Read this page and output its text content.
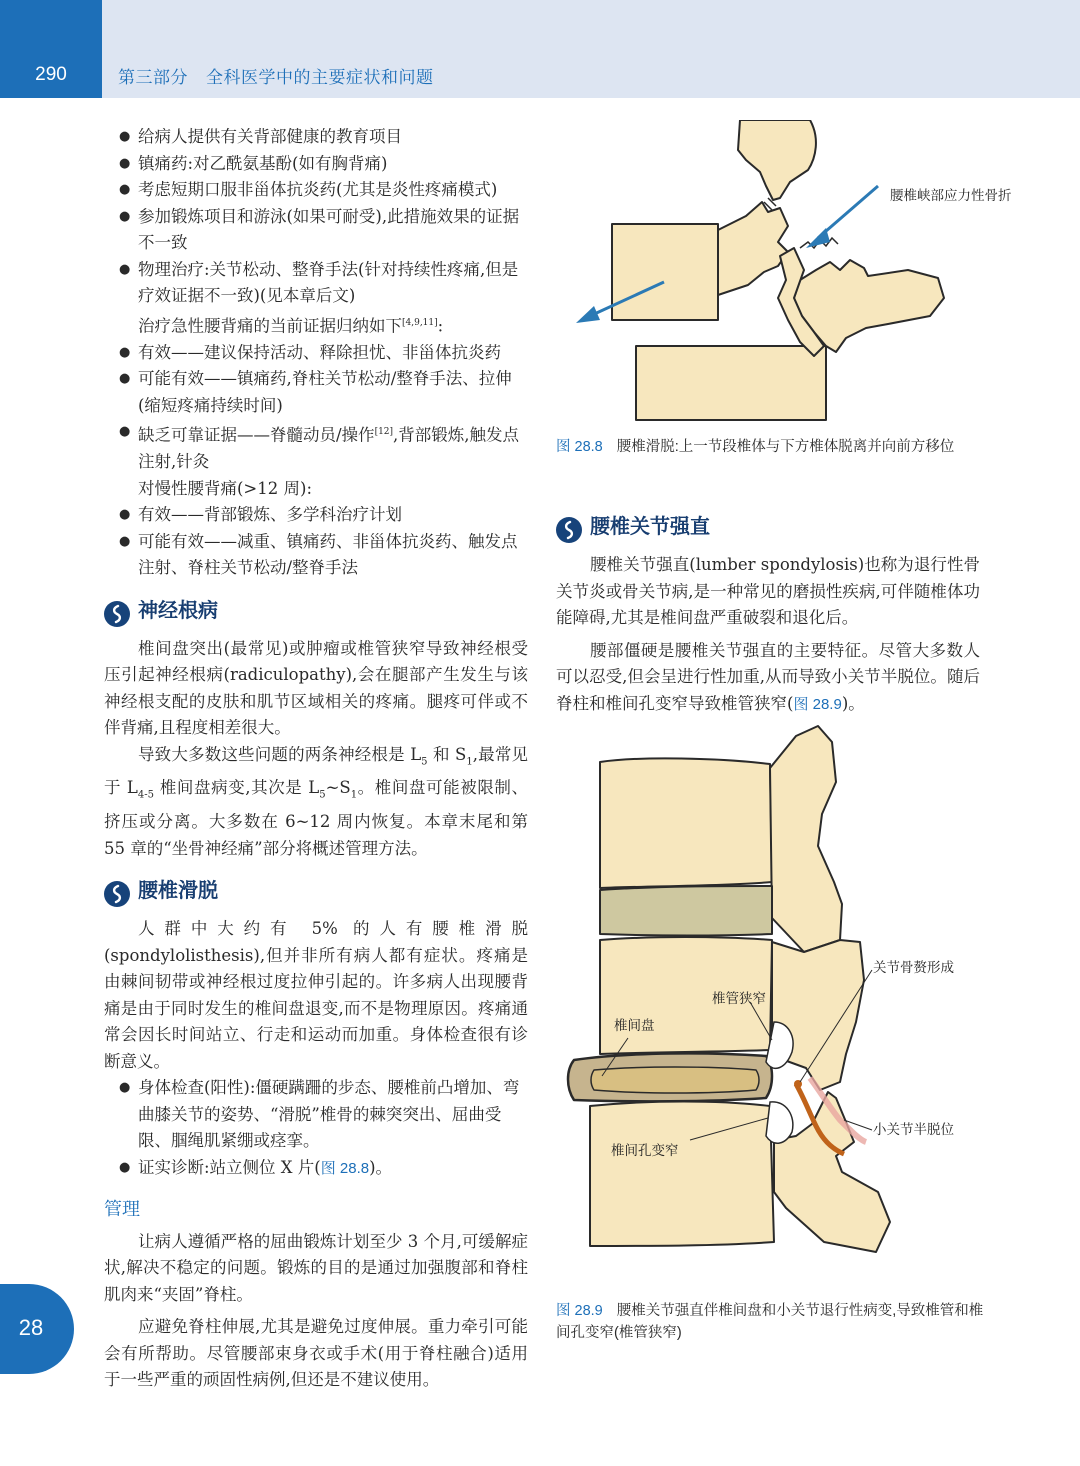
290	第三部分 全科医学中的主要症状和问题

● 给病人提供有关背部健康的教育项目

● 镇痛药:对乙酰氨基酚(如有胸背痛)

● 考虑短期口服非甾体抗炎药(尤其是炎性疼痛模式)

● 参加锻炼项目和游泳(如果可耐受),此措施效果的证据不一致

● 物理治疗:关节松动、整脊手法(针对持续性疼痛,但是疗效证据不一致)(见本章后文)

治疗急性腰背痛的当前证据归纳如下[4,9,11]:

● 有效——建议保持活动、释除担忧、非甾体抗炎药

● 可能有效——镇痛药,脊柱关节松动/整脊手法、拉伸(缩短疼痛持续时间)

● 缺乏可靠证据——脊髓动员/操作[12],背部锻炼,触发点注射,针灸

对慢性腰背痛(>12 周):

● 有效——背部锻炼、多学科治疗计划

● 可能有效——减重、镇痛药、非甾体抗炎药、触发点注射、脊柱关节松动/整脊手法

神经根病

椎间盘突出(最常见)或肿瘤或椎管狭窄导致神经根受压引起神经根病(radiculopathy),会在腿部产生发生与该神经根支配的皮肤和肌节区域相关的疼痛。腿疼可伴或不伴背痛,且程度相差很大。

导致大多数这些问题的两条神经根是 $L_5$ 和 $S_1$,最常见于 $L_{4-5}$ 椎间盘病变,其次是 $L_5\sim S_1$。椎间盘可能被限制、挤压或分离。大多数在 6~12 周内恢复。本章末尾和第 55 章的“坐骨神经痛”部分将概述管理方法。

腰椎滑脱

人群中大约有 5% 的人有腰椎滑脱(spondylolisthesis),但并非所有病人都有症状。疼痛是由棘间韧带或神经根过度拉伸引起的。许多病人出现腰背痛是由于同时发生的椎间盘退变,而不是物理原因。疼痛通常会因长时间站立、行走和运动而加重。身体检查很有诊断意义。

● 身体检查(阳性):僵硬蹒跚的步态、腰椎前凸增加、弯曲膝关节的姿势、“滑脱”椎骨的棘突突出、屈曲受限、腘绳肌紧绷或痉挛。

● 证实诊断:站立侧位 X 片(图 28.8)。

管理

让病人遵循严格的屈曲锻炼计划至少 3 个月,可缓解症状,解决不稳定的问题。锻炼的目的是通过加强腹部和脊柱肌肉来“夹固”脊柱。

应避免脊柱伸展,尤其是避免过度伸展。重力牵引可能会有所帮助。尽管腰部束身衣或手术(用于脊柱融合)适用于一些严重的顽固性病例,但还是不建议使用。

腰椎峡部应力性骨折
图 28.8 腰椎滑脱:上一节段椎体与下方椎体脱离并向前方移位
腰椎关节强直

腰椎关节强直(lumber spondylosis)也称为退行性骨关节炎或骨关节病,是一种常见的磨损性疾病,可伴随椎体功能障碍,尤其是椎间盘严重破裂和退化后。

腰部僵硬是腰椎关节强直的主要特征。尽管大多数人可以忍受,但会呈进行性加重,从而导致小关节半脱位。随后脊柱和椎间孔变窄导致椎管狭窄(图 28.9)。

关节骨赘形成
椎管狭窄
椎间盘
小关节半脱位
椎间孔变窄
图 28.9 腰椎关节强直伴椎间盘和小关节退行性病变,导致椎管和椎间孔变窄(椎管狭窄)
28
